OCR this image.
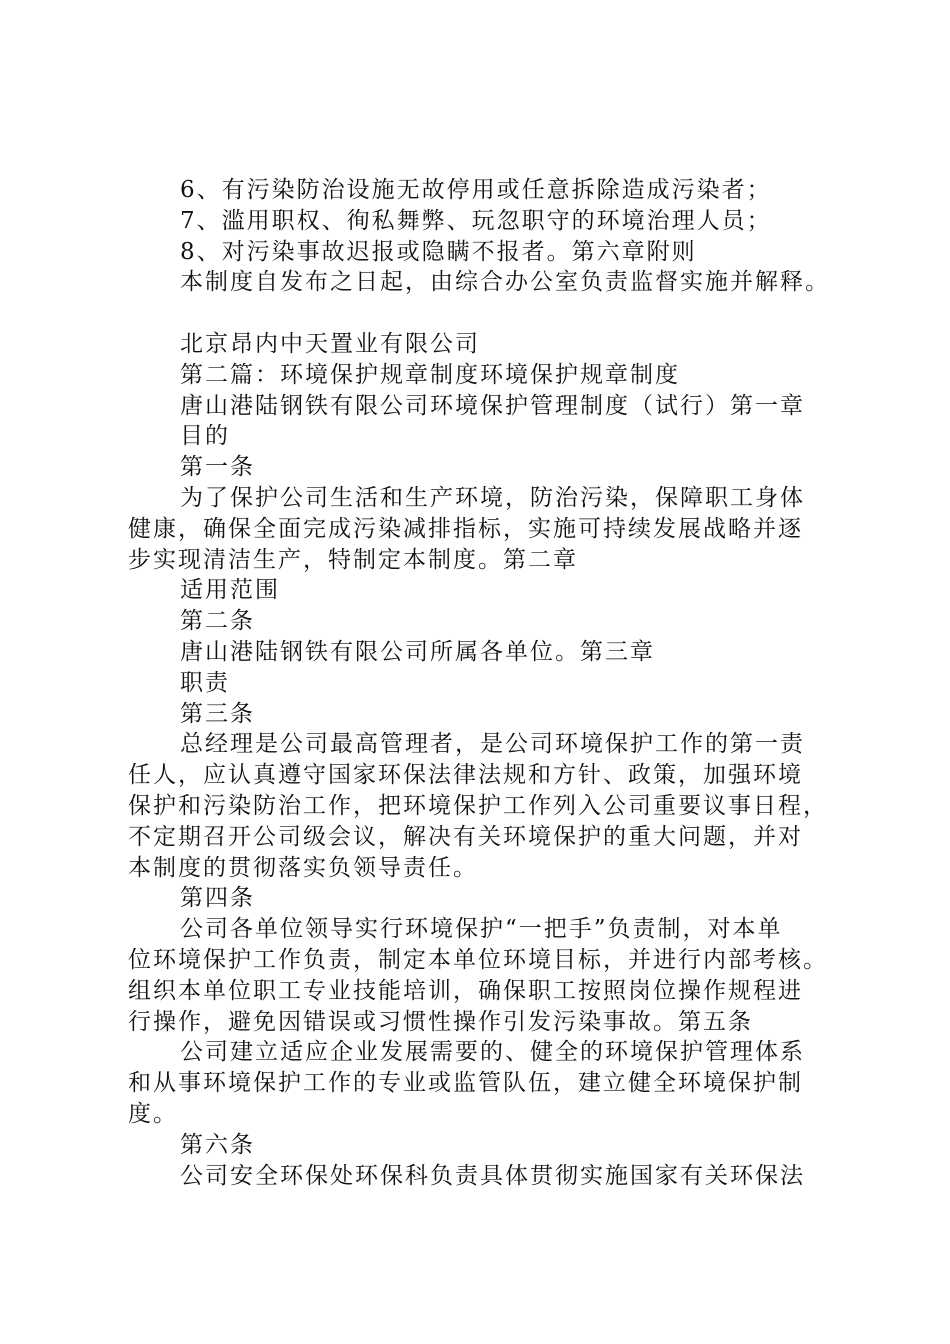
6、有污染防治设施无故停用或任意拆除造成污染者；
7、滥用职权、徇私舞弊、玩忽职守的环境治理人员；
8、对污染事故迟报或隐瞒不报者。第六章附则
本制度自发布之日起，由综合办公室负责监督实施并解释。
北京昂内中天置业有限公司
第二篇：环境保护规章制度环境保护规章制度
唐山港陆钢铁有限公司环境保护管理制度（试行）第一章
目的
第一条
为了保护公司生活和生产环境，防治污染，保障职工身体
健康，确保全面完成污染减排指标，实施可持续发展战略并逐
步实现清洁生产，特制定本制度。第二章
适用范围
第二条
唐山港陆钢铁有限公司所属各单位。第三章
职责
第三条
总经理是公司最高管理者，是公司环境保护工作的第一责
任人，应认真遵守国家环保法律法规和方针、政策，加强环境
保护和污染防治工作，把环境保护工作列入公司重要议事日程，
不定期召开公司级会议，解决有关环境保护的重大问题，并对
本制度的贯彻落实负领导责任。
第四条
公司各单位领导实行环境保护“一把手”负责制，对本单
位环境保护工作负责，制定本单位环境目标，并进行内部考核。
组织本单位职工专业技能培训，确保职工按照岗位操作规程进
行操作，避免因错误或习惯性操作引发污染事故。第五条
公司建立适应企业发展需要的、健全的环境保护管理体系
和从事环境保护工作的专业或监管队伍，建立健全环境保护制
度。
第六条
公司安全环保处环保科负责具体贯彻实施国家有关环保法
